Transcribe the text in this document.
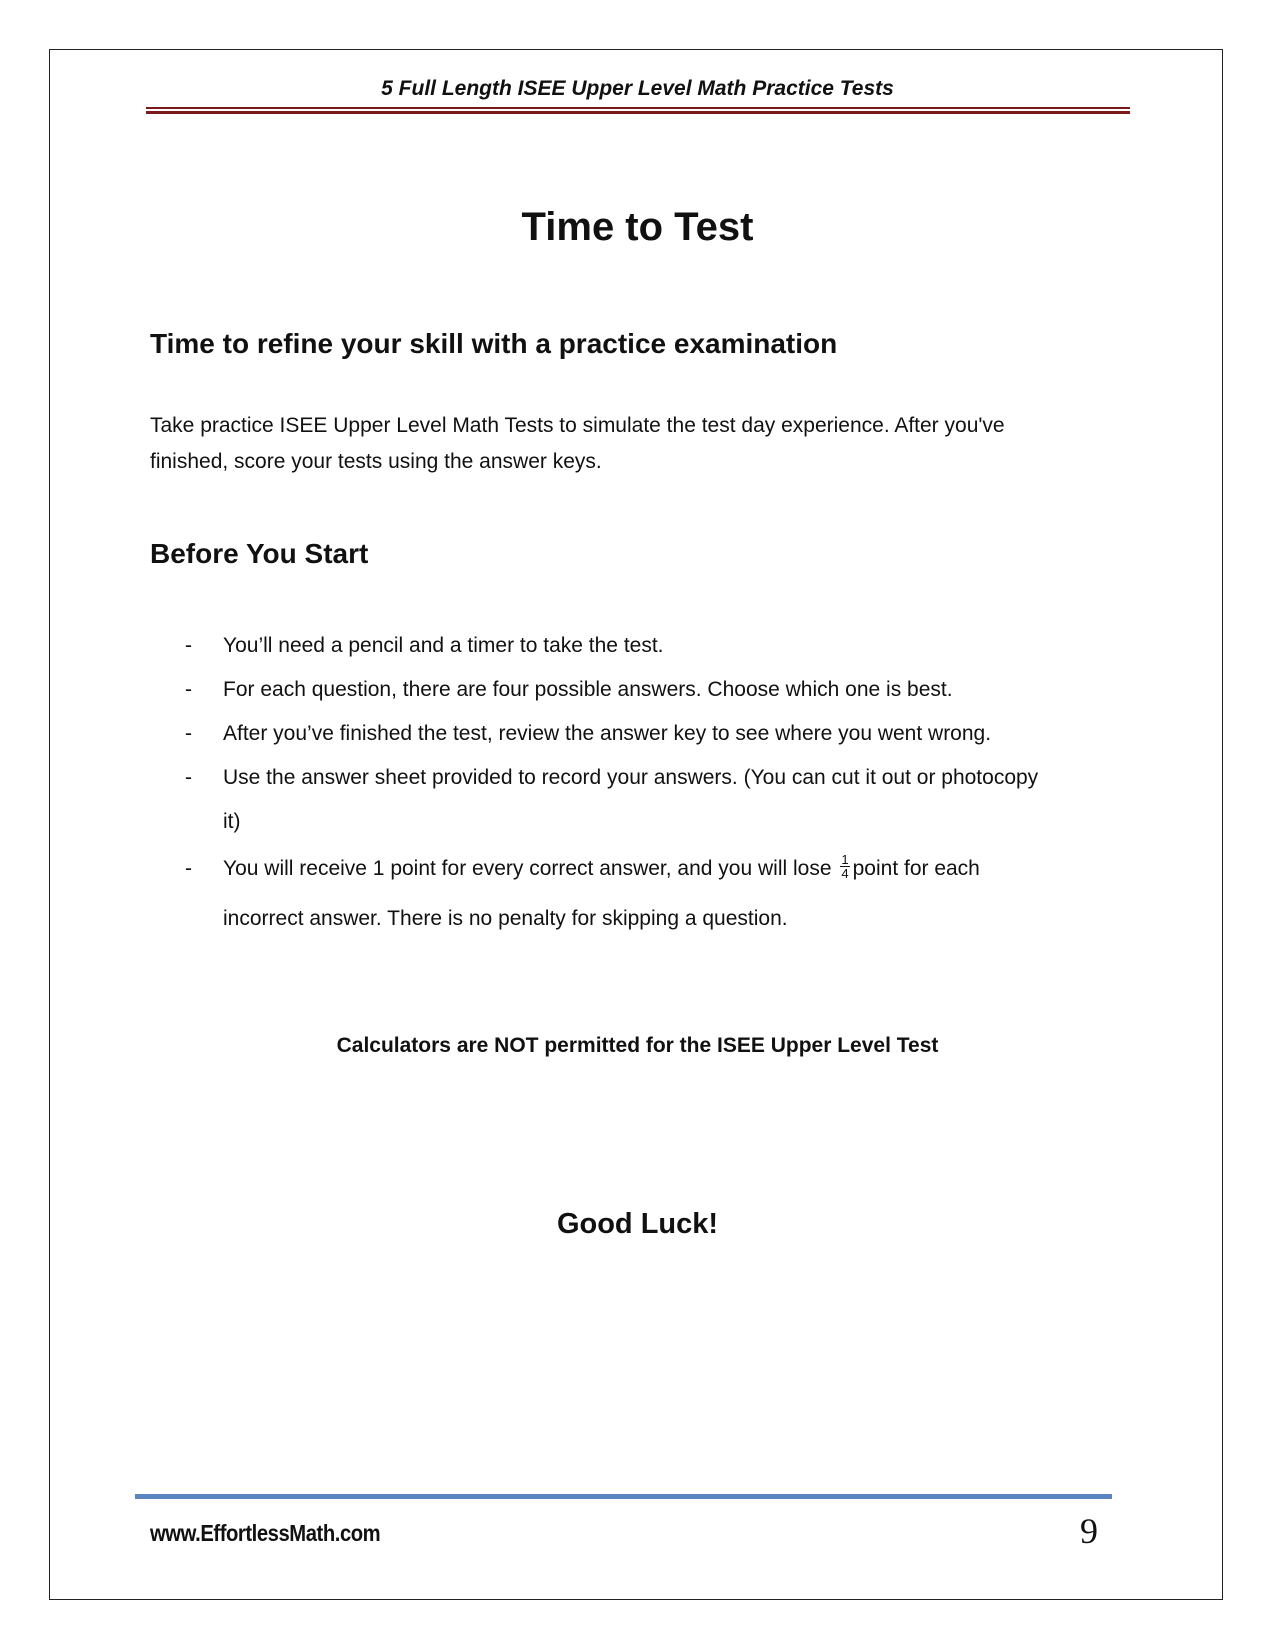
5 Full Length ISEE Upper Level Math Practice Tests
Time to Test
Time to refine your skill with a practice examination

Take practice ISEE Upper Level Math Tests to simulate the test day experience. After you've
finished, score your tests using the answer keys.

Before You Start
- You’ll need a pencil and a timer to take the test.
- For each question, there are four possible answers. Choose which one is best.
- After you’ve finished the test, review the answer key to see where you went wrong.
- Use the answer sheet provided to record your answers. (You can cut it out or photocopy
it)
- You will receive 1 point for every correct answer, and you will lose $\frac{1}{4}$ point for each
incorrect answer. There is no penalty for skipping a question.
Calculators are NOT permitted for the ISEE Upper Level Test
Good Luck!
www.EffortlessMath.com	9
